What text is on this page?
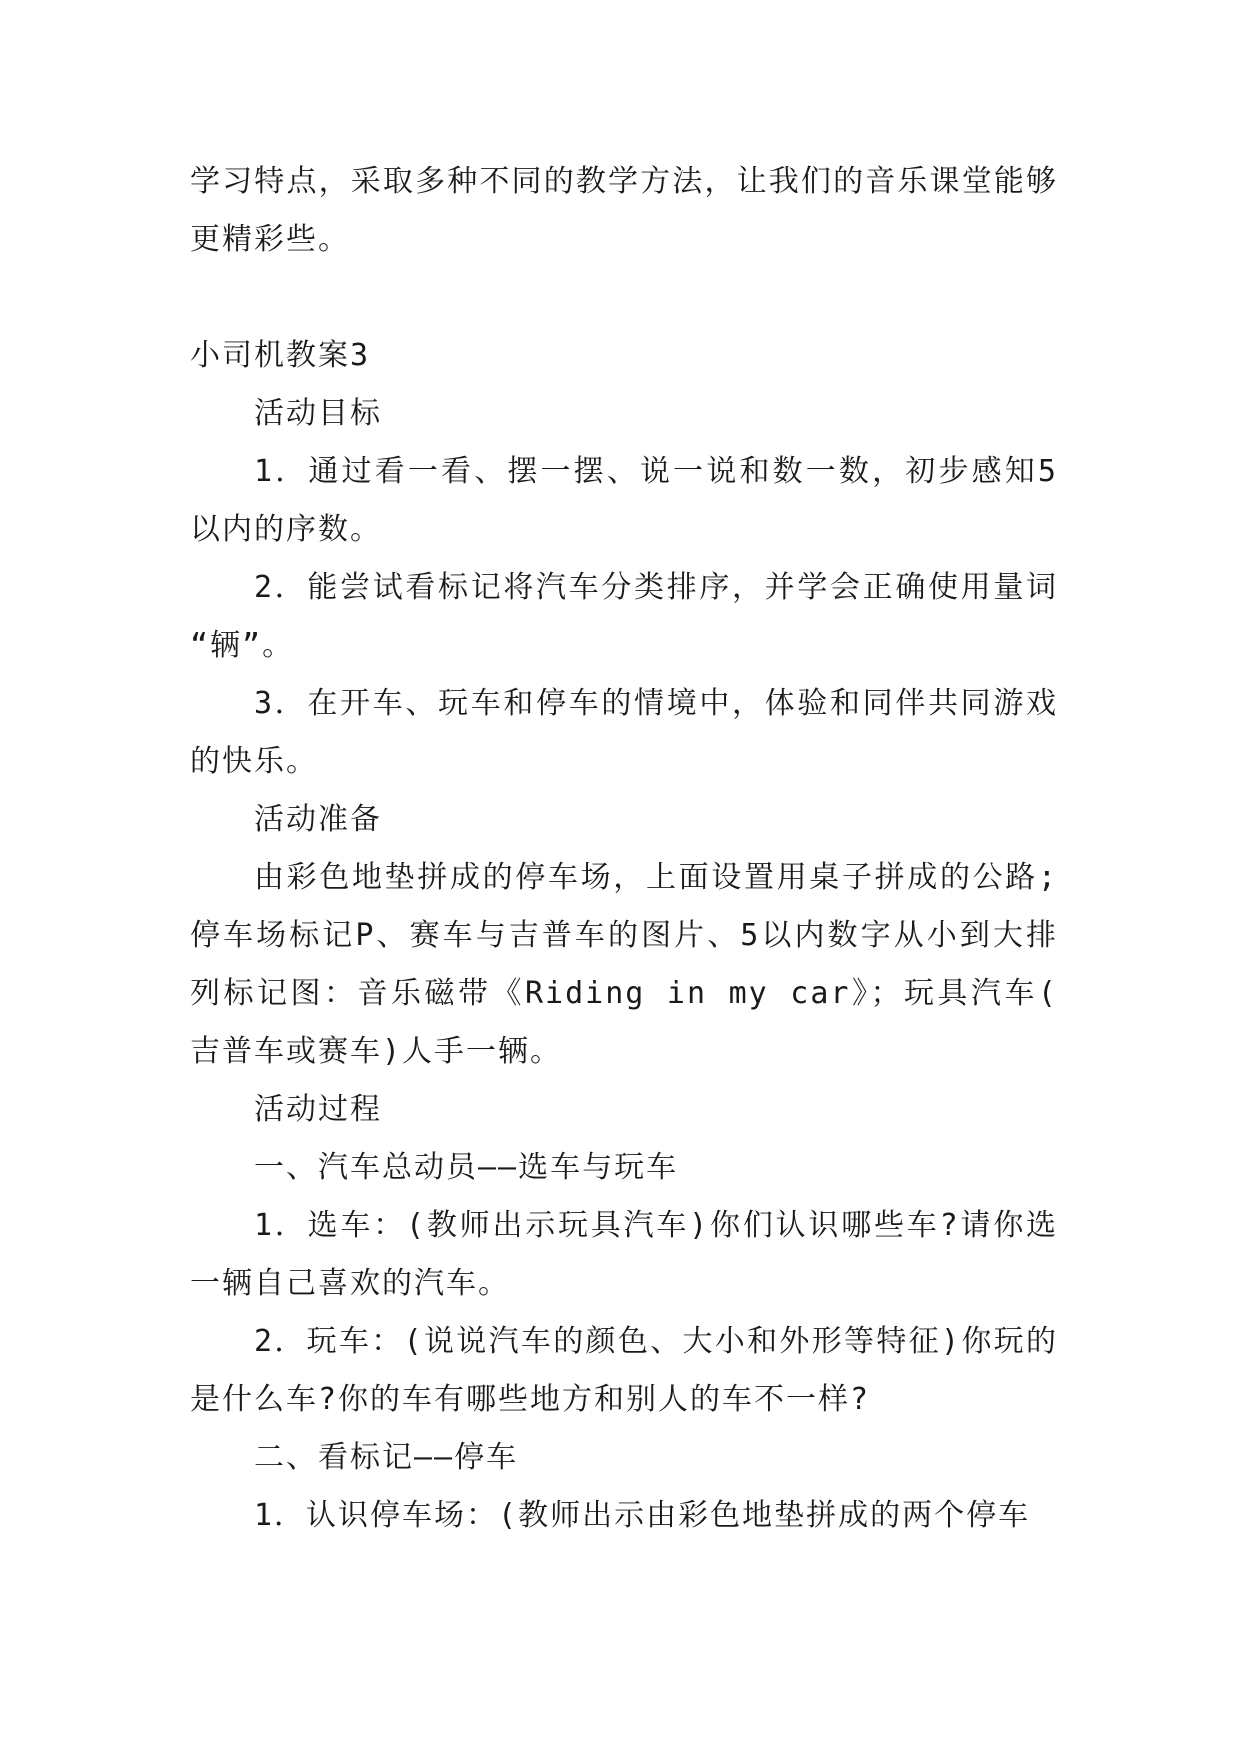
学习特点，采取多种不同的教学方法，让我们的音乐课堂能够更精彩些。

小司机教案3

活动目标

1．通过看一看、摆一摆、说一说和数一数，初步感知5以内的序数。

2．能尝试看标记将汽车分类排序，并学会正确使用量词“辆”。

3．在开车、玩车和停车的情境中，体验和同伴共同游戏的快乐。

活动准备

由彩色地垫拼成的停车场，上面设置用桌子拼成的公路;停车场标记P、赛车与吉普车的图片、5以内数字从小到大排列标记图：音乐磁带《Riding in my car》；玩具汽车(吉普车或赛车)人手一辆。

活动过程

一、汽车总动员——选车与玩车

1．选车：(教师出示玩具汽车)你们认识哪些车?请你选一辆自己喜欢的汽车。

2．玩车：(说说汽车的颜色、大小和外形等特征)你玩的是什么车?你的车有哪些地方和别人的车不一样?

二、看标记——停车

1．认识停车场：(教师出示由彩色地垫拼成的两个停车
